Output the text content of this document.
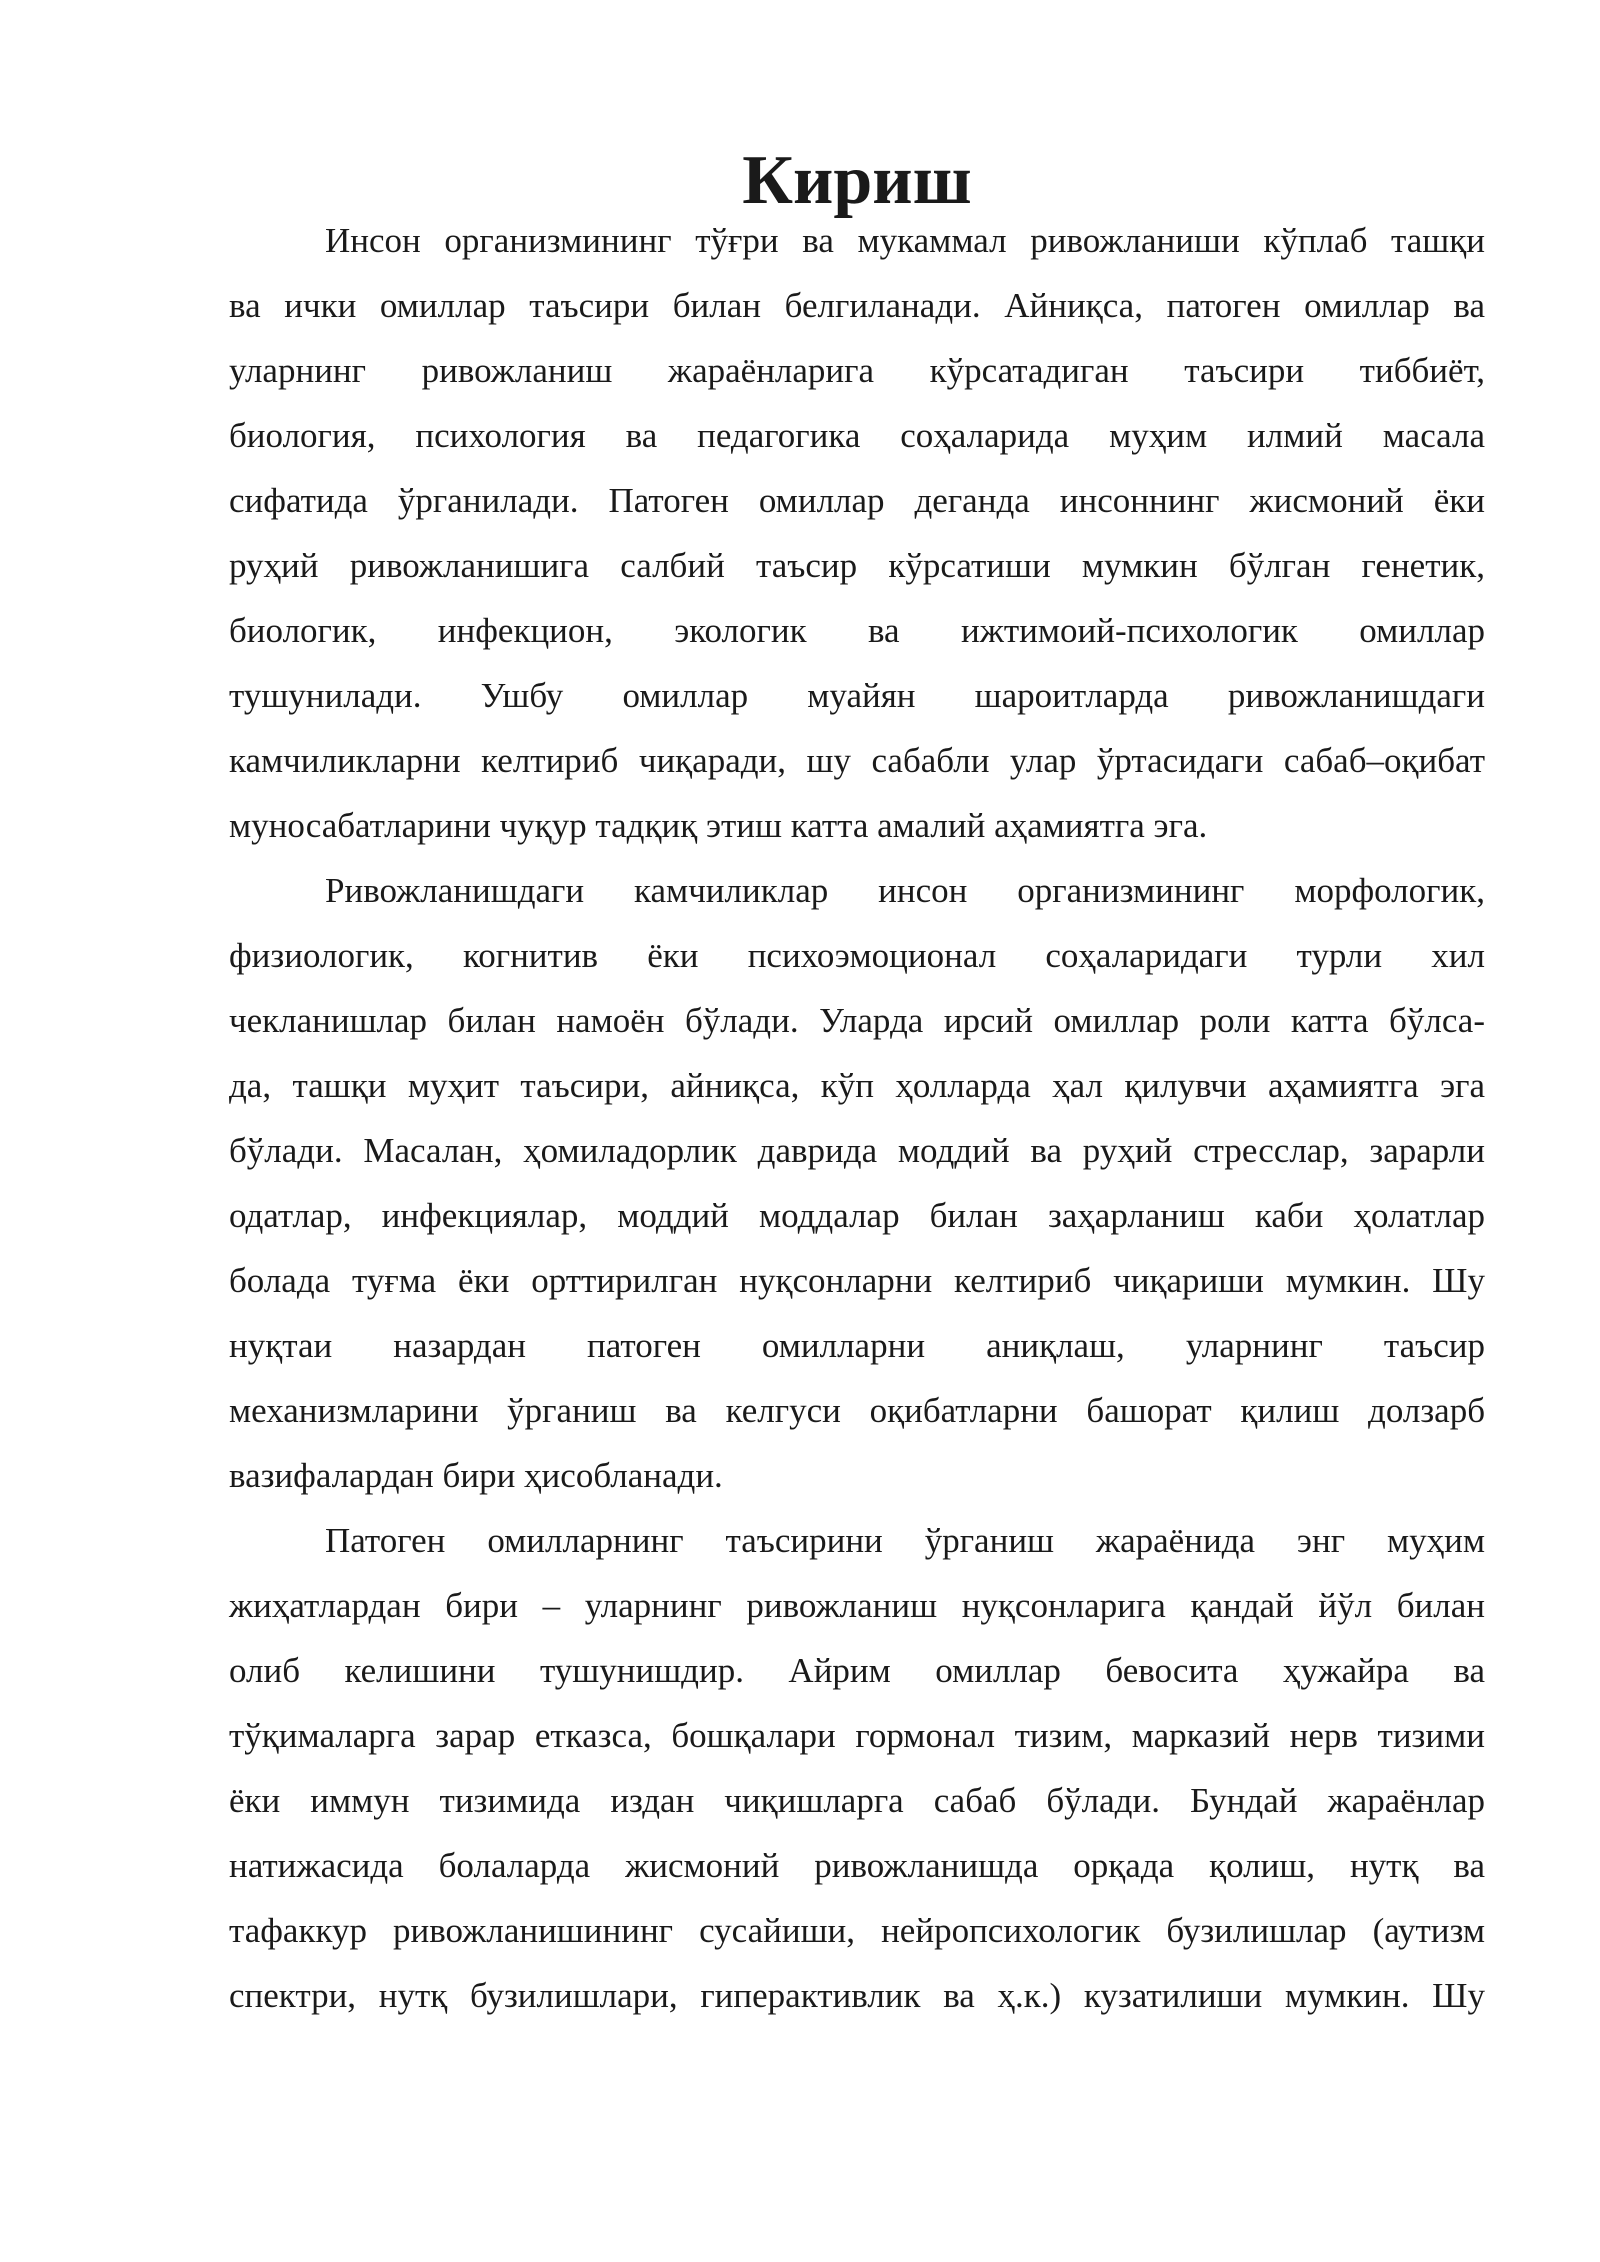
Кириш
Инсон организмининг тўғри ва мукаммал ривожланиши кўплаб ташқи
ва ички омиллар таъсири билан белгиланади. Айниқса, патоген омиллар ва
уларнинг ривожланиш жараёнларига кўрсатадиган таъсири тиббиёт,
биология, психология ва педагогика соҳаларида муҳим илмий масала
сифатида ўрганилади. Патоген омиллар деганда инсоннинг жисмоний ёки
руҳий ривожланишига салбий таъсир кўрсатиши мумкин бўлган генетик,
биологик, инфекцион, экологик ва ижтимоий-психологик омиллар
тушунилади. Ушбу омиллар муайян шароитларда ривожланишдаги
камчиликларни келтириб чиқаради, шу сабабли улар ўртасидаги сабаб–оқибат
муносабатларини чуқур тадқиқ этиш катта амалий аҳамиятга эга.
Ривожланишдаги камчиликлар инсон организмининг морфологик,
физиологик, когнитив ёки психоэмоционал соҳаларидаги турли хил
чекланишлар билан намоён бўлади. Уларда ирсий омиллар роли катта бўлса-
да, ташқи муҳит таъсири, айниқса, кўп ҳолларда ҳал қилувчи аҳамиятга эга
бўлади. Масалан, ҳомиладорлик даврида моддий ва руҳий стресслар, зарарли
одатлар, инфекциялар, моддий моддалар билан заҳарланиш каби ҳолатлар
болада туғма ёки орттирилган нуқсонларни келтириб чиқариши мумкин. Шу
нуқтаи назардан патоген омилларни аниқлаш, уларнинг таъсир
механизмларини ўрганиш ва келгуси оқибатларни башорат қилиш долзарб
вазифалардан бири ҳисобланади.
Патоген омилларнинг таъсирини ўрганиш жараёнида энг муҳим
жиҳатлардан бири – уларнинг ривожланиш нуқсонларига қандай йўл билан
олиб келишини тушунишдир. Айрим омиллар бевосита ҳужайра ва
тўқималарга зарар етказса, бошқалари гормонал тизим, марказий нерв тизими
ёки иммун тизимида издан чиқишларга сабаб бўлади. Бундай жараёнлар
натижасида болаларда жисмоний ривожланишда орқада қолиш, нутқ ва
тафаккур ривожланишининг сусайиши, нейропсихологик бузилишлар (аутизм
спектри, нутқ бузилишлари, гиперактивлик ва ҳ.к.) кузатилиши мумкин. Шу
